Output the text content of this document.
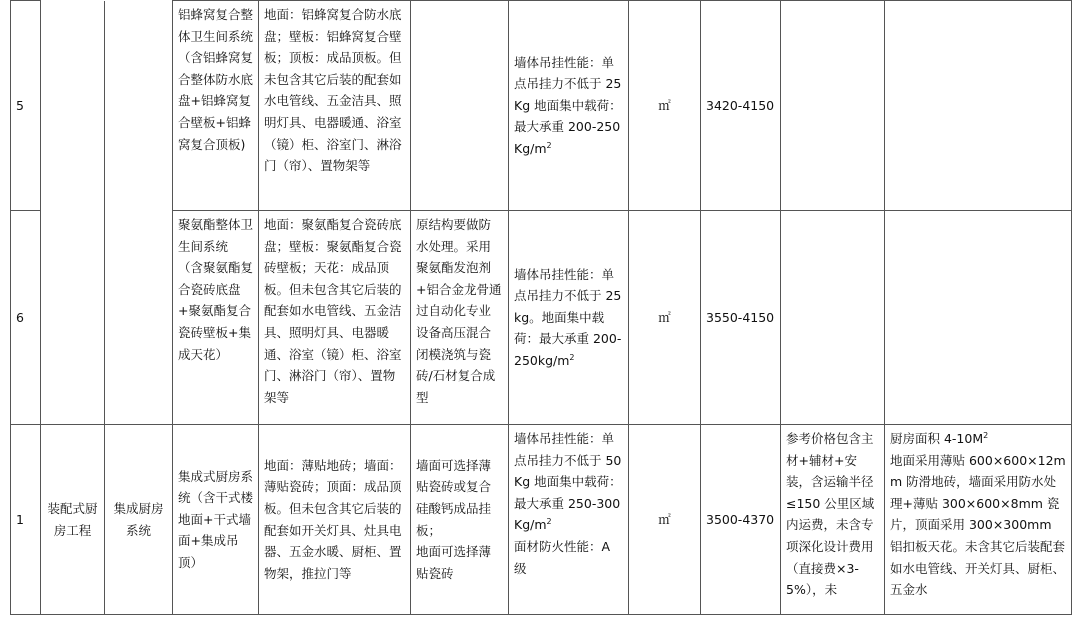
5			铝蜂窝复合整体卫生间系统
（含铝蜂窝复合整体防水底盘+铝蜂窝复合壁板+铝蜂窝复合顶板)	地面：铝蜂窝复合防水底盘；壁板：铝蜂窝复合壁板；顶板：成品顶板。但未包含其它后装的配套如水电管线、五金洁具、照明灯具、电器暖通、浴室（镜）柜、浴室门、淋浴门（帘）、置物架等		墙体吊挂性能：单点吊挂力不低于 25Kg 地面集中载荷：最大承重 $200-250Kg/m^2$	㎡	3420-4150		
6			聚氨酯整体卫生间系统
（含聚氨酯复合瓷砖底盘+聚氨酯复合瓷砖壁板+集成天花）	地面：聚氨酯复合瓷砖底盘；壁板：聚氨酯复合瓷砖壁板；天花：成品顶板。但未包含其它后装的配套如水电管线、五金洁具、照明灯具、电器暖通、浴室（镜）柜、浴室门、淋浴门（帘）、置物架等	原结构要做防水处理。采用聚氨酯发泡剂+铝合金龙骨通过自动化专业设备高压混合闭模浇筑与瓷砖/石材复合成型	墙体吊挂性能：单点吊挂力不低于 25kg。地面集中载荷：最大承重 $200-250kg/m^2$	㎡	3550-4150		
1	装配式厨房工程	集成厨房系统	集成式厨房系统（含干式楼地面+干式墙面+集成吊顶）	地面：薄贴地砖；墙面：薄贴瓷砖；顶面：成品顶板。但未包含其它后装的配套如开关灯具、灶具电器、五金水暖、厨柜、置物架，推拉门等	墙面可选择薄贴瓷砖或复合硅酸钙成品挂板；
地面可选择薄贴瓷砖	墙体吊挂性能：单点吊挂力不低于 50Kg 地面集中载荷：最大承重 $250-300Kg/m^2$
面材防火性能：A 级	㎡	3500-4370	参考价格包含主材+辅材+安装，含运输半径≤150 公里区域内运费，未含专项深化设计费用（直接费×3-5%），未	厨房面积 $4-10M^2$
地面采用薄贴 600×600×12mm 防滑地砖，墙面采用防水处理+薄贴 300×600×8mm 瓷片，顶面采用 300×300mm 铝扣板天花。未含其它后装配套如水电管线、开关灯具、厨柜、五金水
